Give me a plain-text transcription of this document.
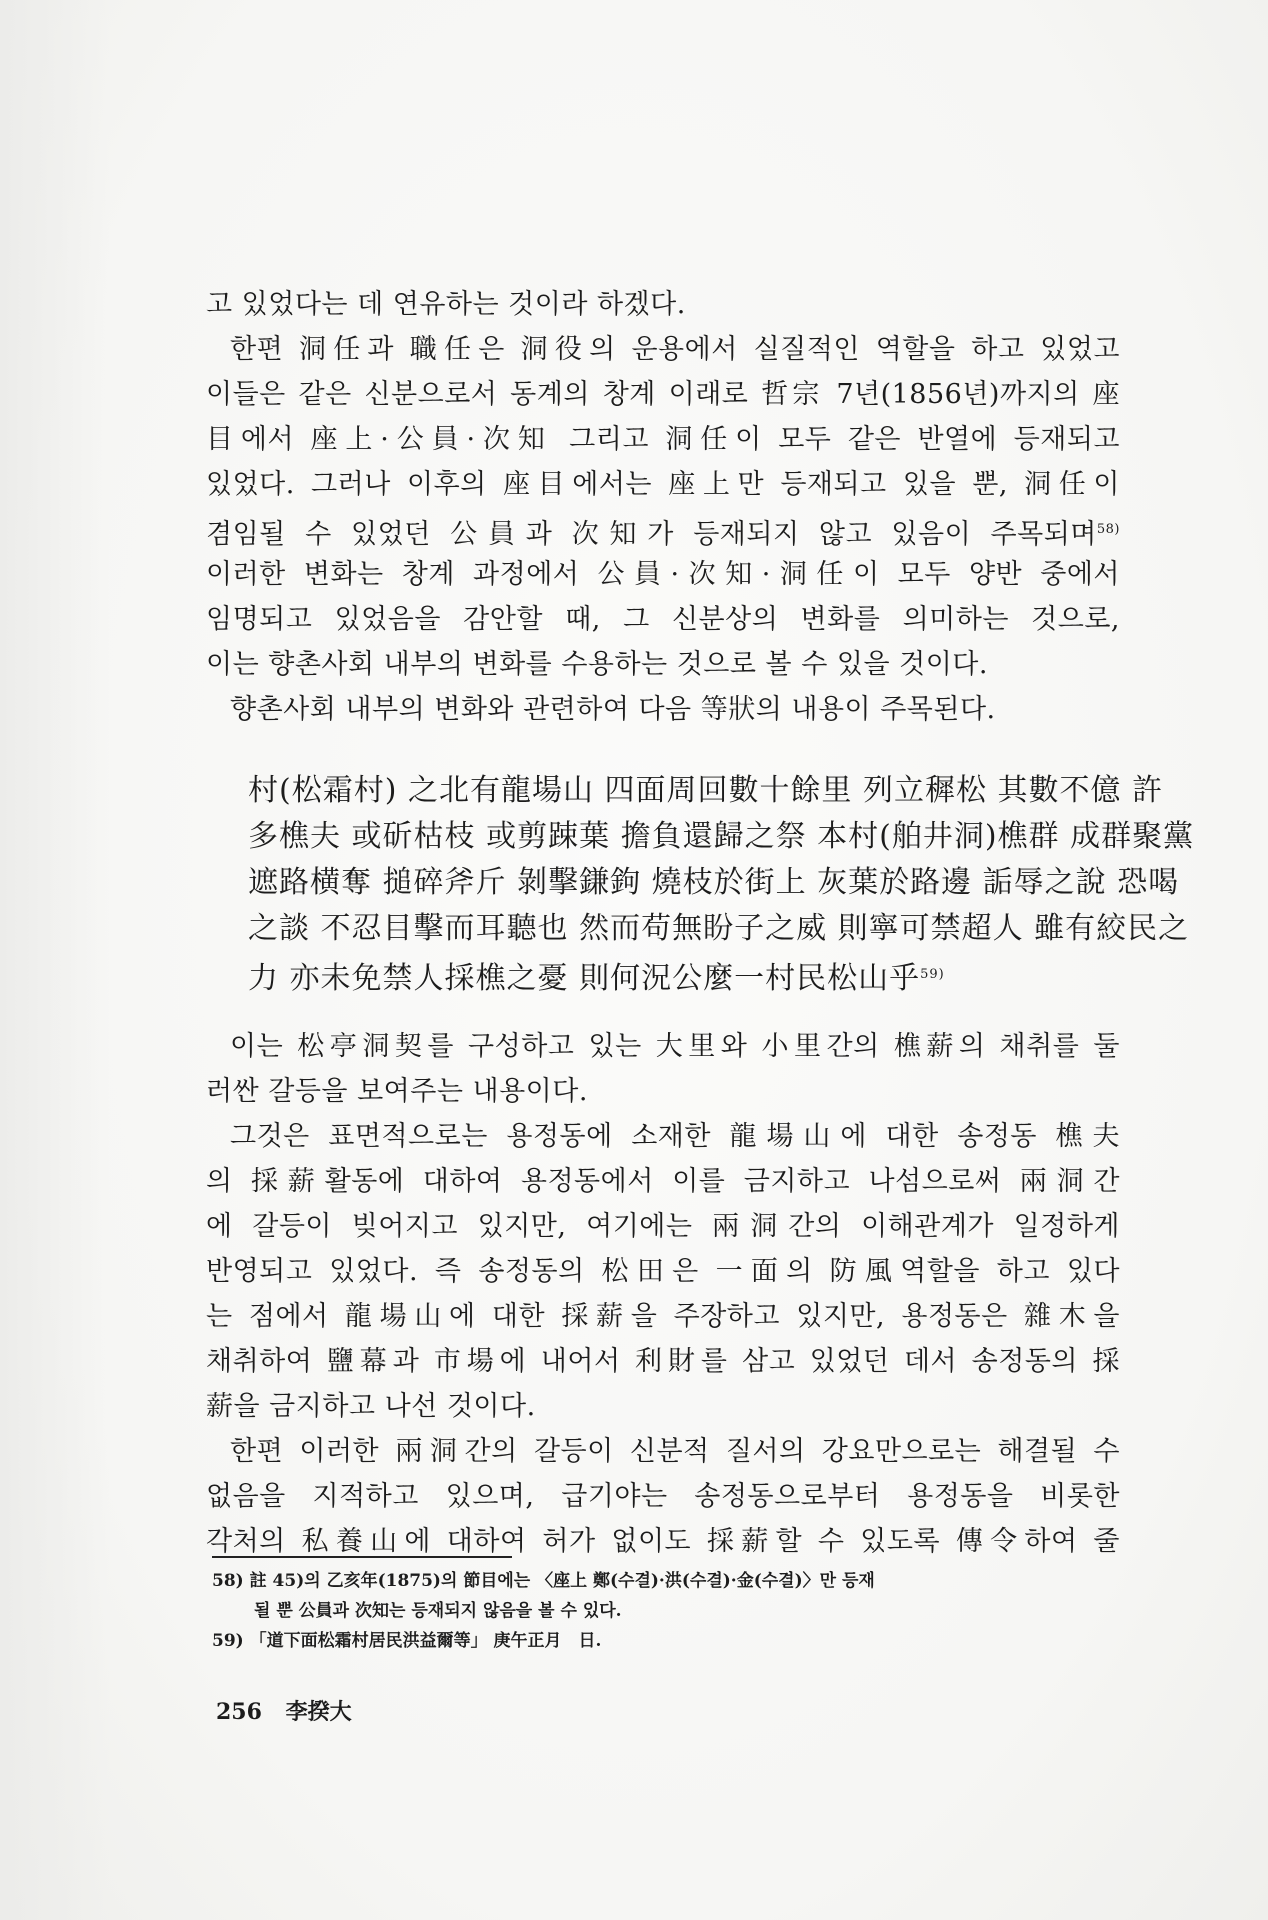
고 있었다는 데 연유하는 것이라 하겠다.
한편 洞任과 職任은 洞役의 운용에서 실질적인 역할을 하고 있었고
이들은 같은 신분으로서 동계의 창계 이래로 哲宗 7년(1856년)까지의 座
目에서 座上·公員·次知 그리고 洞任이 모두 같은 반열에 등재되고
있었다. 그러나 이후의 座目에서는 座上만 등재되고 있을 뿐, 洞任이
겸임될 수 있었던 公員과 次知가 등재되지 않고 있음이 주목되며$^{58)}$
이러한 변화는 창계 과정에서 公員·次知·洞任이 모두 양반 중에서
임명되고 있었음을 감안할 때, 그 신분상의 변화를 의미하는 것으로,
이는 향촌사회 내부의 변화를 수용하는 것으로 볼 수 있을 것이다.
향촌사회 내부의 변화와 관련하여 다음 等狀의 내용이 주목된다.
村(松霜村) 之北有龍場山 四面周回數十餘里 列立穉松 其數不億 許
多樵夫 或斫枯枝 或剪踈葉 擔負還歸之祭 本村(舶井洞)樵群 成群聚黨
遮路横奪 搥碎斧斤 剝擊鎌鉤 燒枝於街上 灰葉於路邊 詬辱之說 恐喝
之談 不忍目擊而耳聽也 然而苟無盼子之威 則寧可禁超人 雖有絞民之
力 亦未免禁人採樵之憂 則何況公麼一村民松山乎$^{59)}$
이는 松亭洞契를 구성하고 있는 大里와 小里간의 樵薪의 채취를 둘
러싼 갈등을 보여주는 내용이다.
그것은 표면적으로는 용정동에 소재한 龍場山에 대한 송정동 樵夫
의 採薪활동에 대하여 용정동에서 이를 금지하고 나섬으로써 兩洞간
에 갈등이 빚어지고 있지만, 여기에는 兩洞간의 이해관계가 일정하게
반영되고 있었다. 즉 송정동의 松田은 一面의 防風역할을 하고 있다
는 점에서 龍場山에 대한 採薪을 주장하고 있지만, 용정동은 雜木을
채취하여 鹽幕과 市場에 내어서 利財를 삼고 있었던 데서 송정동의 採
薪을 금지하고 나선 것이다.
한편 이러한 兩洞간의 갈등이 신분적 질서의 강요만으로는 해결될 수
없음을 지적하고 있으며, 급기야는 송정동으로부터 용정동을 비롯한
각처의 私養山에 대하여 허가 없이도 採薪할 수 있도록 傳令하여 줄
58) 註 45)의 乙亥年(1875)의 節目에는 〈座上 鄭(수결)·洪(수결)·金(수결)〉만 등재
될 뿐 公員과 次知는 등재되지 않음을 볼 수 있다.
59) 「道下面松霜村居民洪益爾等」 庚午正月　日.
256 李揆大
